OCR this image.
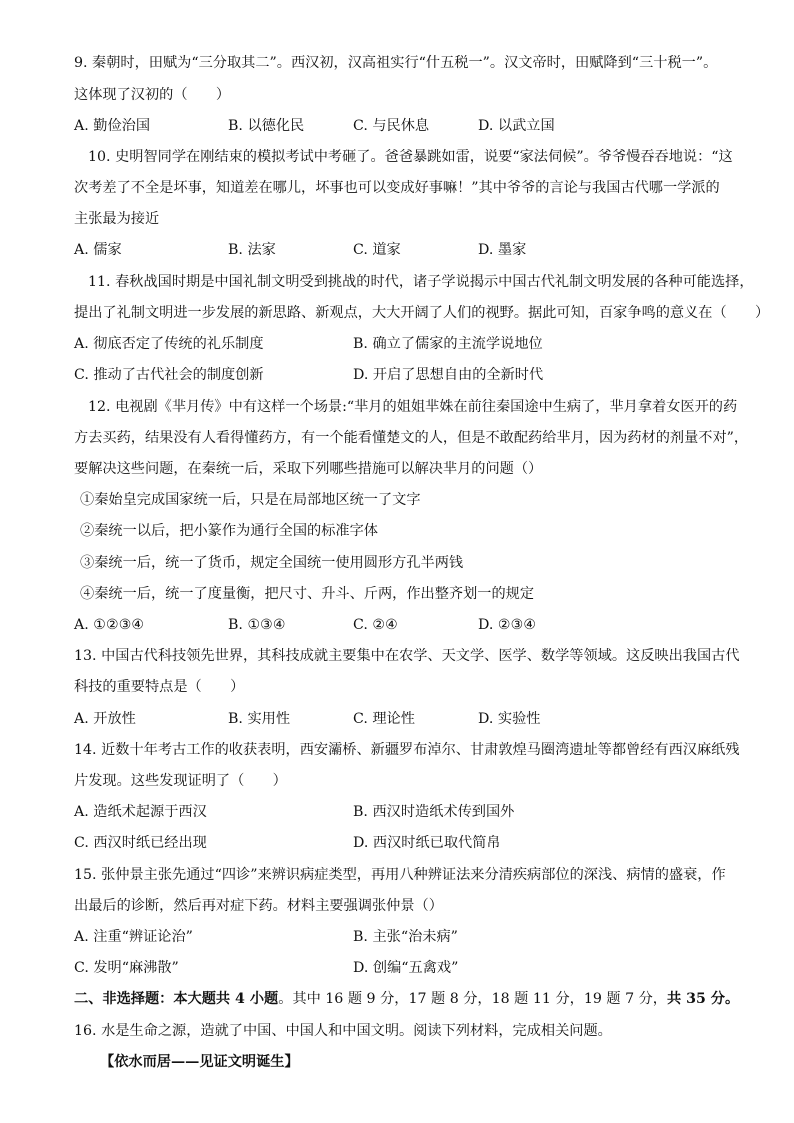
9. 秦朝时，田赋为“三分取其二”。西汉初，汉高祖实行“什五税一”。汉文帝时，田赋降到“三十税一”。
这体现了汉初的（　　）
A. 勤俭治国	B. 以德化民	C. 与民休息	D. 以武立国
10. 史明智同学在刚结束的模拟考试中考砸了。爸爸暴跳如雷，说要“家法伺候”。爷爷慢吞吞地说：“这
次考差了不全是坏事，知道差在哪儿，坏事也可以变成好事嘛！”其中爷爷的言论与我国古代哪一学派的
主张最为接近
A. 儒家	B. 法家	C. 道家	D. 墨家
11. 春秋战国时期是中国礼制文明受到挑战的时代，诸子学说揭示中国古代礼制文明发展的各种可能选择，
提出了礼制文明进一步发展的新思路、新观点，大大开阔了人们的视野。据此可知，百家争鸣的意义在（　　）
A. 彻底否定了传统的礼乐制度	B. 确立了儒家的主流学说地位
C. 推动了古代社会的制度创新	D. 开启了思想自由的全新时代
12. 电视剧《芈月传》中有这样一个场景:“芈月的姐姐芈姝在前往秦国途中生病了，芈月拿着女医开的药
方去买药，结果没有人看得懂药方，有一个能看懂楚文的人，但是不敢配药给芈月，因为药材的剂量不对”，
要解决这些问题，在秦统一后，采取下列哪些措施可以解决芈月的问题（）
①秦始皇完成国家统一后，只是在局部地区统一了文字
②秦统一以后，把小篆作为通行全国的标准字体
③秦统一后，统一了货币，规定全国统一使用圆形方孔半两钱
④秦统一后，统一了度量衡，把尺寸、升斗、斤两，作出整齐划一的规定
A. ①②③④	B. ①③④	C. ②④	D. ②③④
13. 中国古代科技领先世界，其科技成就主要集中在农学、天文学、医学、数学等领域。这反映出我国古代
科技的重要特点是（　　）
A. 开放性	B. 实用性	C. 理论性	D. 实验性
14. 近数十年考古工作的收获表明，西安灞桥、新疆罗布淖尔、甘肃敦煌马圈湾遗址等都曾经有西汉麻纸残
片发现。这些发现证明了（　　）
A. 造纸术起源于西汉	B. 西汉时造纸术传到国外
C. 西汉时纸已经出现	D. 西汉时纸已取代简帛
15. 张仲景主张先通过“四诊”来辨识病症类型，再用八种辨证法来分清疾病部位的深浅、病情的盛衰，作
出最后的诊断，然后再对症下药。材料主要强调张仲景（）
A. 注重“辨证论治”	B. 主张“治未病”
C. 发明“麻沸散”	D. 创编“五禽戏”
二、非选择题：本大题共 4 小题。其中 16 题 9 分，17 题 8 分，18 题 11 分，19 题 7 分，共 35 分。
16. 水是生命之源，造就了中国、中国人和中国文明。阅读下列材料，完成相关问题。
【依水而居——见证文明诞生】
